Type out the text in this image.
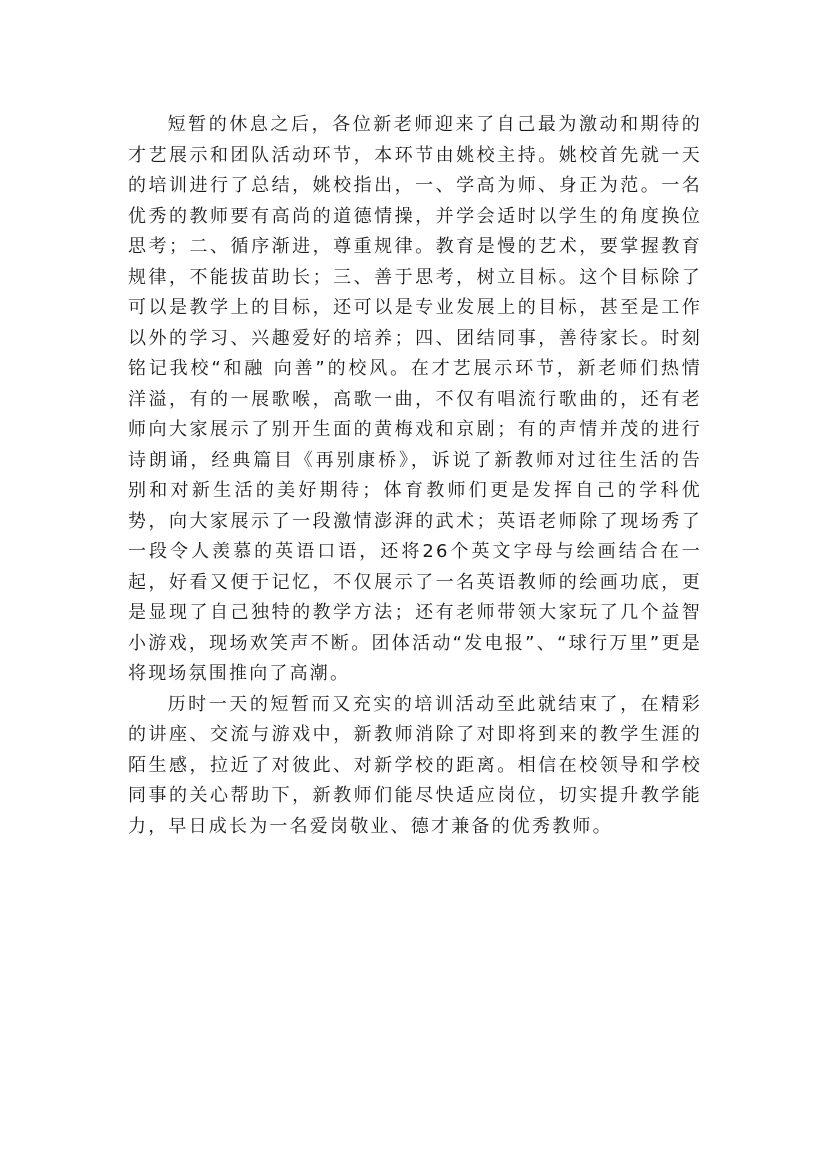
短暂的休息之后，各位新老师迎来了自己最为激动和期待的才艺展示和团队活动环节，本环节由姚校主持。姚校首先就一天的培训进行了总结，姚校指出，一、学高为师、身正为范。一名优秀的教师要有高尚的道德情操，并学会适时以学生的角度换位思考；二、循序渐进，尊重规律。教育是慢的艺术，要掌握教育规律，不能拔苗助长；三、善于思考，树立目标。这个目标除了可以是教学上的目标，还可以是专业发展上的目标，甚至是工作以外的学习、兴趣爱好的培养；四、团结同事，善待家长。时刻铭记我校“和融 向善”的校风。在才艺展示环节，新老师们热情洋溢，有的一展歌喉，高歌一曲，不仅有唱流行歌曲的，还有老师向大家展示了别开生面的黄梅戏和京剧；有的声情并茂的进行诗朗诵，经典篇目《再别康桥》，诉说了新教师对过往生活的告别和对新生活的美好期待；体育教师们更是发挥自己的学科优势，向大家展示了一段激情澎湃的武术；英语老师除了现场秀了一段令人羡慕的英语口语，还将26个英文字母与绘画结合在一起，好看又便于记忆，不仅展示了一名英语教师的绘画功底，更是显现了自己独特的教学方法；还有老师带领大家玩了几个益智小游戏，现场欢笑声不断。团体活动“发电报”、“球行万里”更是将现场氛围推向了高潮。

历时一天的短暂而又充实的培训活动至此就结束了，在精彩的讲座、交流与游戏中，新教师消除了对即将到来的教学生涯的陌生感，拉近了对彼此、对新学校的距离。相信在校领导和学校同事的关心帮助下，新教师们能尽快适应岗位，切实提升教学能力，早日成长为一名爱岗敬业、德才兼备的优秀教师。
